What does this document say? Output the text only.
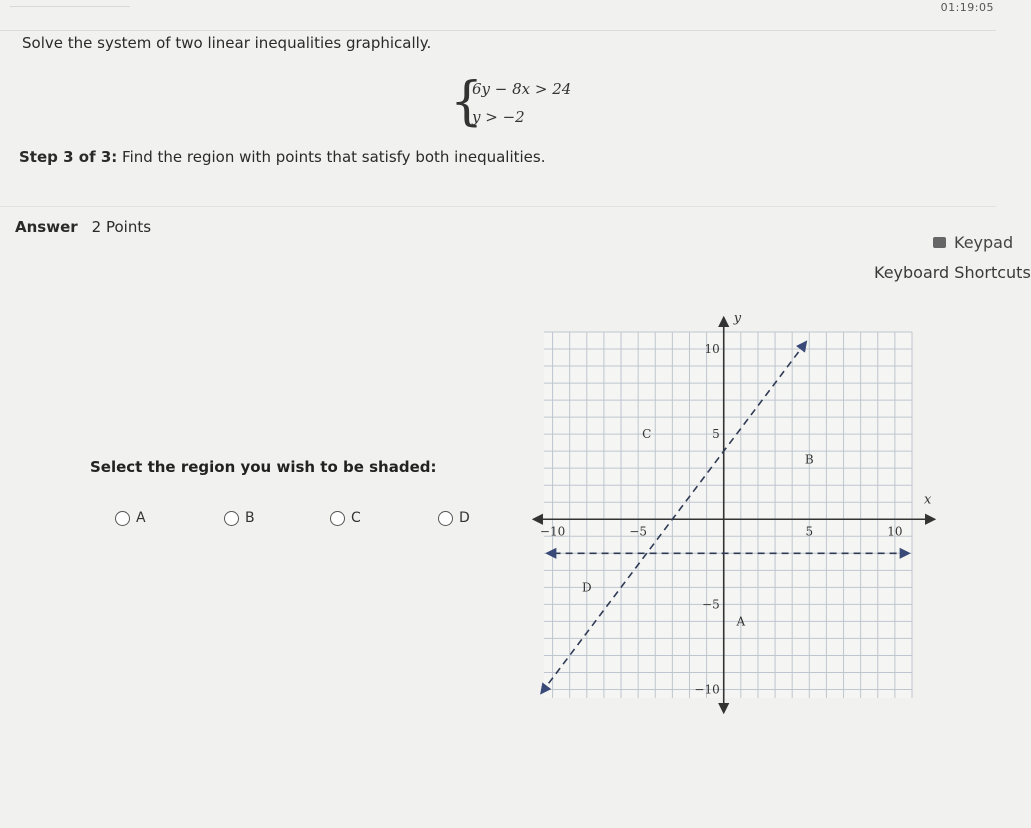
01:19:05
Solve the system of two linear inequalities graphically.
{
6y − 8x > 24
y > −2
Step 3 of 3: Find the region with points that satisfy both inequalities.
Answer 2 Points
Keypad
Keyboard Shortcuts
Select the region you wish to be shaded:
A	B	C	D
x
y
−10	−5	5	10
10
5
−5
−10
A
B
C
D
